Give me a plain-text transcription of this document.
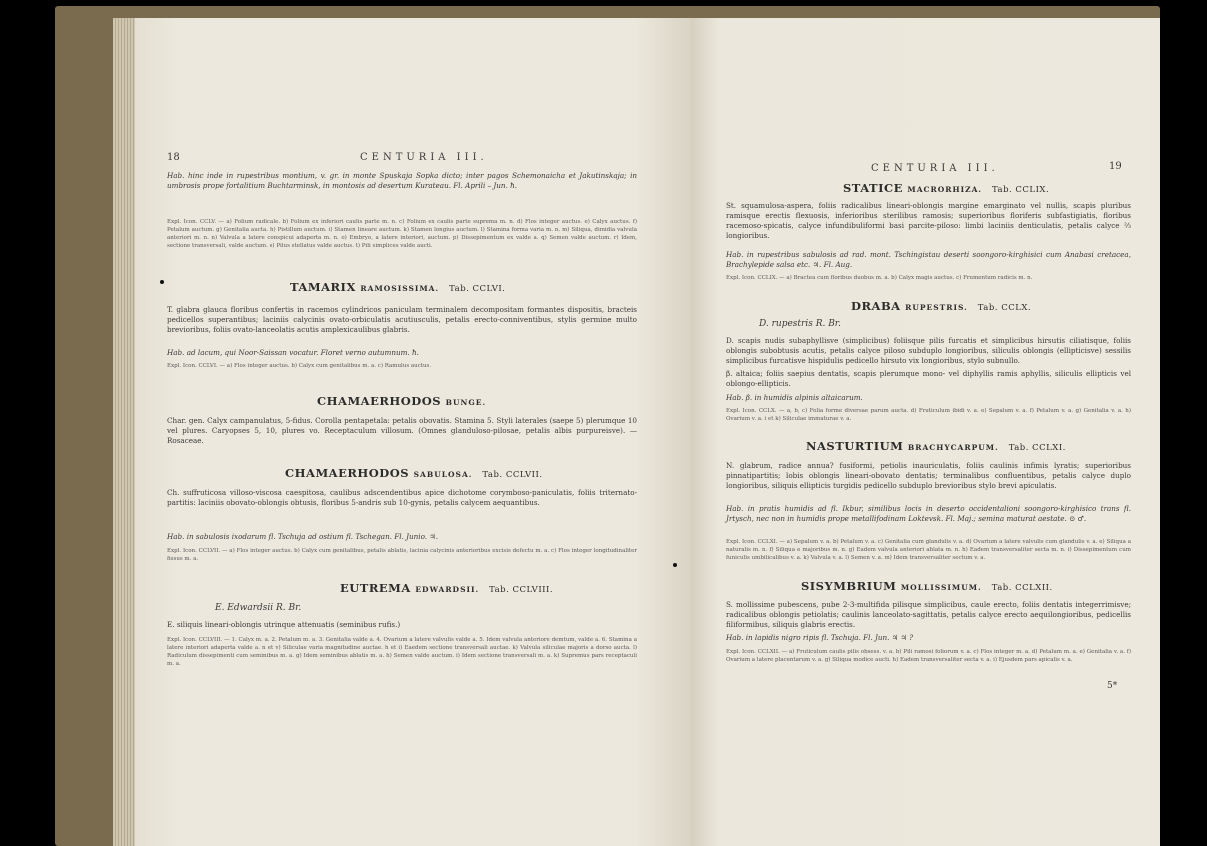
18	CENTURIA III.
Hab. hinc inde in rupestribus montium, v. gr. in monte Spuskaja Sopka dicto; inter pagos Schemonaicha et Jakutinskaja; in umbrosis prope fortalitium Buchtarminsk, in montosis ad desertum Kurateau. Fl. Aprili – Jun. ħ.
Expl. Icon. CCLV. — a) Folium radicale. b) Folium ex inferiori caulis parte m. n. c) Folium ex caulis parte suprema m. n. d) Flos integer auctus. e) Calyx auctus. f) Petalum auctum. g) Genitalia aucta. h) Pistillum auctum. i) Stamen lineare auctum. k) Stamen longius auctum. l) Stamina forma varia m. n. m) Siliqua, dimidia valvula anteriori m. n. n) Valvula a latere conspicui adaperta m. n. o) Embryo, a latere interiori, auctum. p) Dissepimentum ex valde a. q) Semen valde auctum. r) Idem, sectione transversali, valde auctum. s) Pilus stellatus valde auctus. t) Pili simplices valde aucti.
TAMARIX RAMOSISSIMA. Tab. CCLVI.
T. glabra glauca floribus confertis in racemos cylindricos paniculam terminalem decompositam formantes dispositis, bracteis pedicellos superantibus; laciniis calycinis ovato-orbiculatis acutiusculis, petalis erecto-conniventibus, stylis germine multo brevioribus, foliis ovato-lanceolatis acutis amplexicaulibus glabris.
Hab. ad lacum, qui Noor-Saissan vocatur. Floret verno autumnum. ħ.
Expl. Icon. CCLVI. — a) Flos integer auctus. b) Calyx cum genitalibus m. a. c) Ramulus auctus.
CHAMAERHODOS BUNGE.
Char. gen. Calyx campanulatus, 5-fidus. Corolla pentapetala: petalis obovatis. Stamina 5. Styli laterales (saepe 5) plerumque 10 vel plures. Caryopses 5, 10, plures vo. Receptaculum villosum. (Omnes glanduloso-pilosae, petalis albis purpureisve). — Rosaceae.
CHAMAERHODOS SABULOSA. Tab. CCLVII.
Ch. suffruticosa villoso-viscosa caespitosa, caulibus adscendentibus apice dichotome corymboso-paniculatis, foliis triternato-partitis: laciniis obovato-oblongis obtusis, floribus 5-andris sub 10-gynis, petalis calycem aequantibus.
Hab. in sabulosis ixodarum fl. Tschuja ad ostium fl. Tschegan. Fl. Junio. ♃.
Expl. Icon. CCLVII. — a) Flos integer auctus. b) Calyx cum genitalibus, petalis ablatis, lacinia calycinis anterioribus excisis defectu m. a. c) Flos integer longitudinaliter fissus m. a.
EUTREMA EDWARDSII. Tab. CCLVIII.
E. Edwardsii R. Br.
E. siliquis lineari-oblongis utrinque attenuatis (seminibus rufis.)
Expl. Icon. CCLVIII. — 1. Calyx m. a. 2. Petalum m. a. 3. Genitalia valde a. 4. Ovarium a latere valvulis valde a. 5. Idem valvula anteriore demtum, valde a. 6. Stamina a latere interiori adaperta valde a. n et v) Siliculae varia magnitudine auctae. h et i) Eaedem sectione transversali auctae. k) Valvula siliculae majoris a dorso aucta. l) Radiculum dissepimenti cum seminibus m. a. g) Idem seminibus ablatis m. a. h) Semen valde auctum. i) Idem sectione transversali m. a. k) Supremus pars receptaculi m. a.
CENTURIA III.	19
STATICE MACRORHIZA. Tab. CCLIX.
St. squamulosa-aspera, foliis radicalibus lineari-oblongis margine emarginato vel nullis, scapis pluribus ramisque erectis flexuosis, inferioribus sterilibus ramosis; superioribus floriferis subfastigiatis, floribus racemoso-spicatis, calyce infundibuliformi basi parcite-piloso: limbi laciniis denticulatis, petalis calyce ⅔ longioribus.
Hab. in rupestribus sabulosis ad rad. mont. Tschingistau deserti soongoro-kirghisici cum Anabasi cretacea, Brachylepide salsa etc. ♃. Fl. Aug.
Expl. Icon. CCLIX. — a) Bractea cum floribus duobus m. a. b) Calyx magis auctus. c) Frumentum radicis m. n.
DRABA RUPESTRIS. Tab. CCLX.
D. rupestris R. Br.
D. scapis nudis subaphyllisve (simplicibus) foliisque pilis furcatis et simplicibus hirsutis ciliatisque, foliis oblongis subobtusis acutis, petalis calyce piloso subduplo longioribus, siliculis oblongis (ellipticisve) sessilis simplicibus furcatisve hispidulis pedicello hirsuto vix longioribus, stylo subnullo.
β. altaica; foliis saepius dentatis, scapis plerumque mono- vel diphyllis ramis aphyllis, siliculis ellipticis vel oblongo-ellipticis.
Hab. β. in humidis alpinis altaicarum.
Expl. Icon. CCLX. — a, b, c) Folia forme diversae parum aucta. d) Fruticulum ibidi v. a. e) Sepalum v. a. f) Petalum v. a. g) Genitalia v. a. h) Ovarium v. a. i et k) Siliculae immaturae v. a.
NASTURTIUM BRACHYCARPUM. Tab. CCLXI.
N. glabrum, radice annua? fusiformi, petiolis inauriculatis, foliis caulinis infimis lyratis; superioribus pinnatipartitis; lobis oblongis lineari-obovato dentatis; terminalibus confluentibus, petalis calyce duplo longioribus, siliquis ellipticis turgidis pedicello subduplo brevioribus stylo brevi apiculatis.
Hab. in pratis humidis ad fl. Ikbur, similibus locis in deserto occidentalioni soongoro-kirghisico trans fl. Jrtysch, nec non in humidis prope metallifodinam Loktevsk. Fl. Maj.; semina maturat aestate. ⊙ ♂.
Expl. Icon. CCLXI. — a) Sepalum v. a. b) Petalum v. a. c) Genitalia cum glandulis v. a. d) Ovarium a latere valvulis cum glandulis v. a. e) Siliqua a naturalis m. n. f) Siliqua e majoribus m. n. g) Eadem valvula anteriori ablata m. n. h) Eadem transversaliter secta m. n. i) Dissepimentum cum funiculis umbilicalibus v. a. k) Valvula v. a. l) Semen v. a. m) Idem transversaliter sectum v. a.
SISYMBRIUM MOLLISSIMUM. Tab. CCLXII.
S. mollissime pubescens, pube 2-3-multifida pilisque simplicibus, caule erecto, foliis dentatis integerrimisve; radicalibus oblongis petiolatis; caulinis lanceolato-sagittatis, petalis calyce erecto aequilongioribus, pedicellis filiformibus, siliquis glabris erectis.
Hab. in lapidis nigro ripis fl. Tschuja. Fl. Jun. ♃ ♃ ?
Expl. Icon. CCLXII. — a) Fruticulum caulis pilis obsess. v. a. b) Pili ramosi foliorum v. a. c) Flos integer m. a. d) Petalum m. a. e) Genitalia v. a. f) Ovarium a latere placentarum v. a. g) Siliqua modice aucti. h) Eadem transversaliter secta v. a. i) Ejusdem pars apicalis v. a.
5*
